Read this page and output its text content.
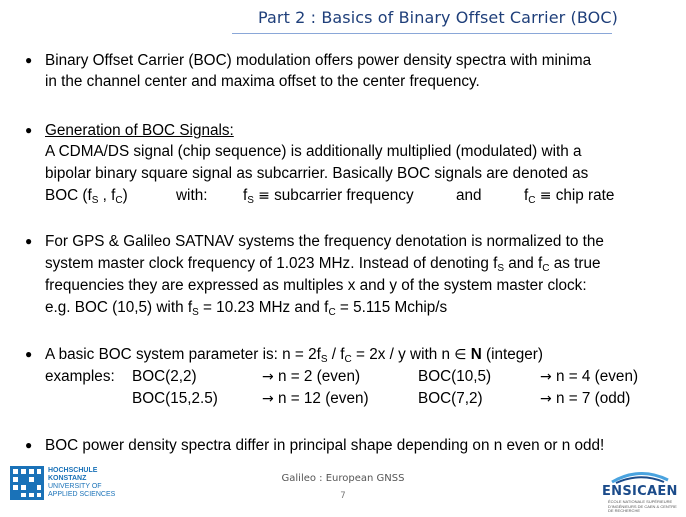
Part 2 : Basics of Binary Offset Carrier (BOC)
● Binary Offset Carrier (BOC) modulation offers power density spectra with minima
in the channel center and maxima offset to the center frequency.
● Generation of BOC Signals:
A CDMA/DS signal (chip sequence) is additionally multiplied (modulated) with a
bipolar binary square signal as subcarrier. Basically BOC signals are denoted as
BOC ($f_S$ , $f_C$)	with: $f_S$ ≡ subcarrier frequency	and	$f_C$ ≡ chip rate
● For GPS & Galileo SATNAV systems the frequency denotation is normalized to the
system master clock frequency of 1.023 MHz. Instead of denoting $f_S$ and $f_C$ as true
frequencies they are expressed as multiples x and y of the system master clock:
e.g. BOC (10,5) with $f_S = 10.23$ MHz and $f_C = 5.115$ Mchip/s
● A basic BOC system parameter is: $n = 2f_S / f_C = 2x / y$ with n ∈ N (integer)
examples: BOC(2,2)	→ n = 2 (even)	BOC(10,5)	→ n = 4 (even)
BOC(15,2.5)	→ n = 12 (even)	BOC(7,2)	→ n = 7 (odd)
● BOC power density spectra differ in principal shape depending on n even or n odd!
Galileo : European GNSS
7
HOCHSCHULE
KONSTANZ
UNIVERSITY OF
APPLIED SCIENCES	ENSICAEN
ÉCOLE NATIONALE SUPÉRIEURE D'INGÉNIEURS DE CAEN & CENTRE DE RECHERCHE
